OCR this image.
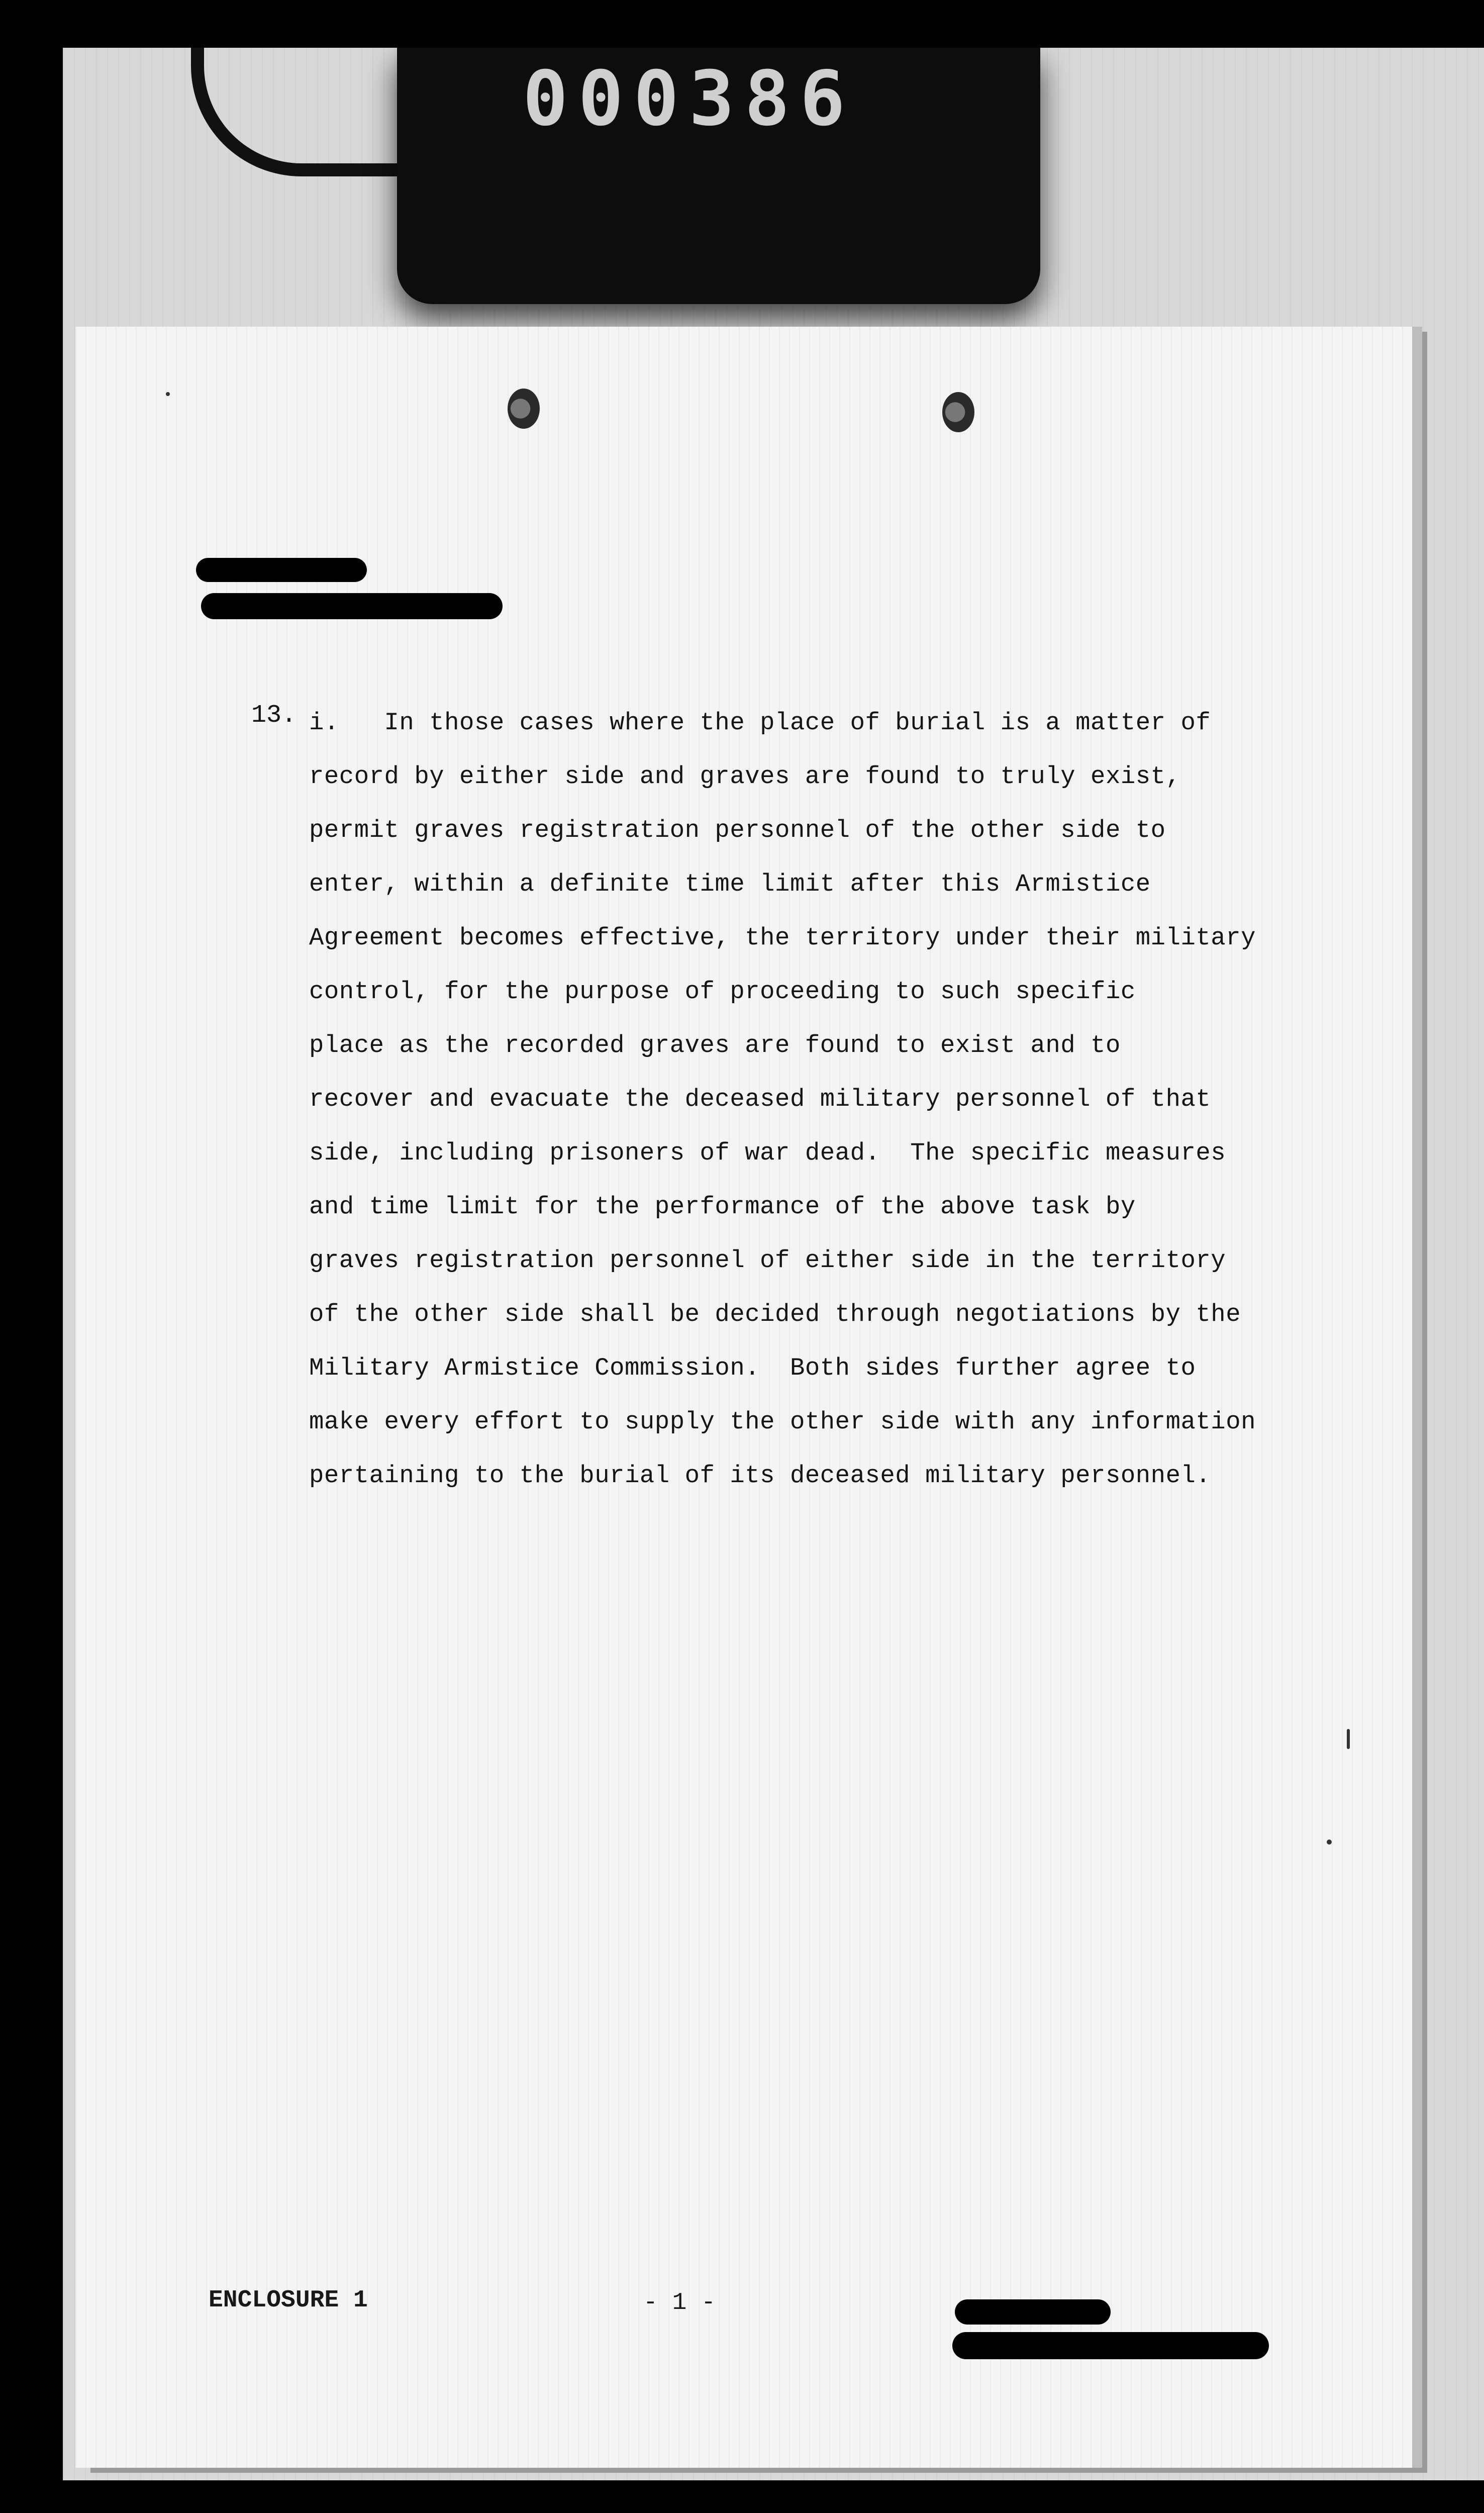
000386
13. i.   In those cases where the place of burial is a matter of
record by either side and graves are found to truly exist,
permit graves registration personnel of the other side to
enter, within a definite time limit after this Armistice
Agreement becomes effective, the territory under their military
control, for the purpose of proceeding to such specific
place as the recorded graves are found to exist and to
recover and evacuate the deceased military personnel of that
side, including prisoners of war dead.  The specific measures
and time limit for the performance of the above task by
graves registration personnel of either side in the territory
of the other side shall be decided through negotiations by the
Military Armistice Commission.  Both sides further agree to
make every effort to supply the other side with any information
pertaining to the burial of its deceased military personnel.
ENCLOSURE 1	- 1 -
